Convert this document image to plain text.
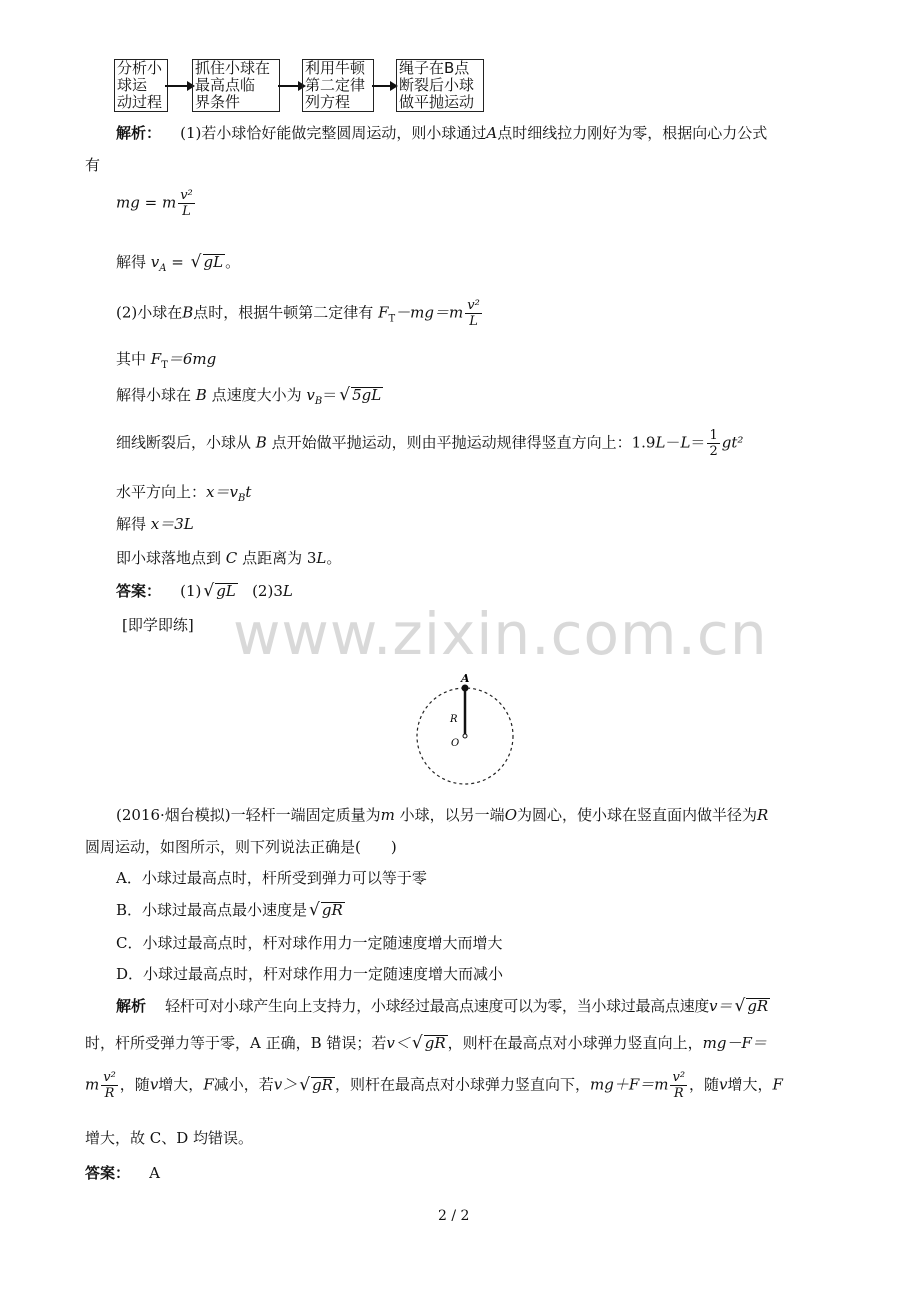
www.zixin.com.cn
分析小
球运
动过程
抓住小球在
最高点临
界条件
利用牛顿
第二定律
列方程
绳子在B点
断裂后小球
做平抛运动
解析： (1)若小球恰好能做完整圆周运动，则小球通过A点时细线拉力刚好为零，根据向心力公式
有
mg = m $\frac{\text{v²}}{L}$
解得 $v_A$ = √ gL 。
(2)小球在B点时，根据牛顿第二定律有 $F_T-mg=m \frac{\text{v²}}{L}$
其中 $F_T=6mg$
解得小球在 B 点速度大小为 $v_B=$ √ 5gL
细线断裂后，小球从 B 点开始做平抛运动，则由平抛运动规律得竖直方向上：$1.9L-L= \frac{1}{2} gt^2$
水平方向上：$x=v_Bt$
解得 x＝3L
即小球落地点到 C 点距离为 3L。
答案： (1) √ gL (2)3L
[即学即练]
A
R
O
(2016·烟台模拟)一轻杆一端固定质量为m 小球，以另一端O为圆心，使小球在竖直面内做半径为R
圆周运动，如图所示，则下列说法正确是(　　)
A．小球过最高点时，杆所受到弹力可以等于零
B．小球过最高点最小速度是 √ gR
C．小球过最高点时，杆对球作用力一定随速度增大而增大
D．小球过最高点时，杆对球作用力一定随速度增大而减小
解析 轻杆可对小球产生向上支持力，小球经过最高点速度可以为零，当小球过最高点速度v＝ √ gR
时，杆所受弹力等于零，A 正确，B 错误；若v＜ √ gR ，则杆在最高点对小球弹力竖直向上，mg－F＝
m $\frac{\text{v²}}{R}$ ，随v增大，F减小，若v＞ √ gR ，则杆在最高点对小球弹力竖直向下，$mg+F=m \frac{\text{v²}}{R}$ ，随v增大，F
增大，故 C、D 均错误。
答案： A
2 / 2
